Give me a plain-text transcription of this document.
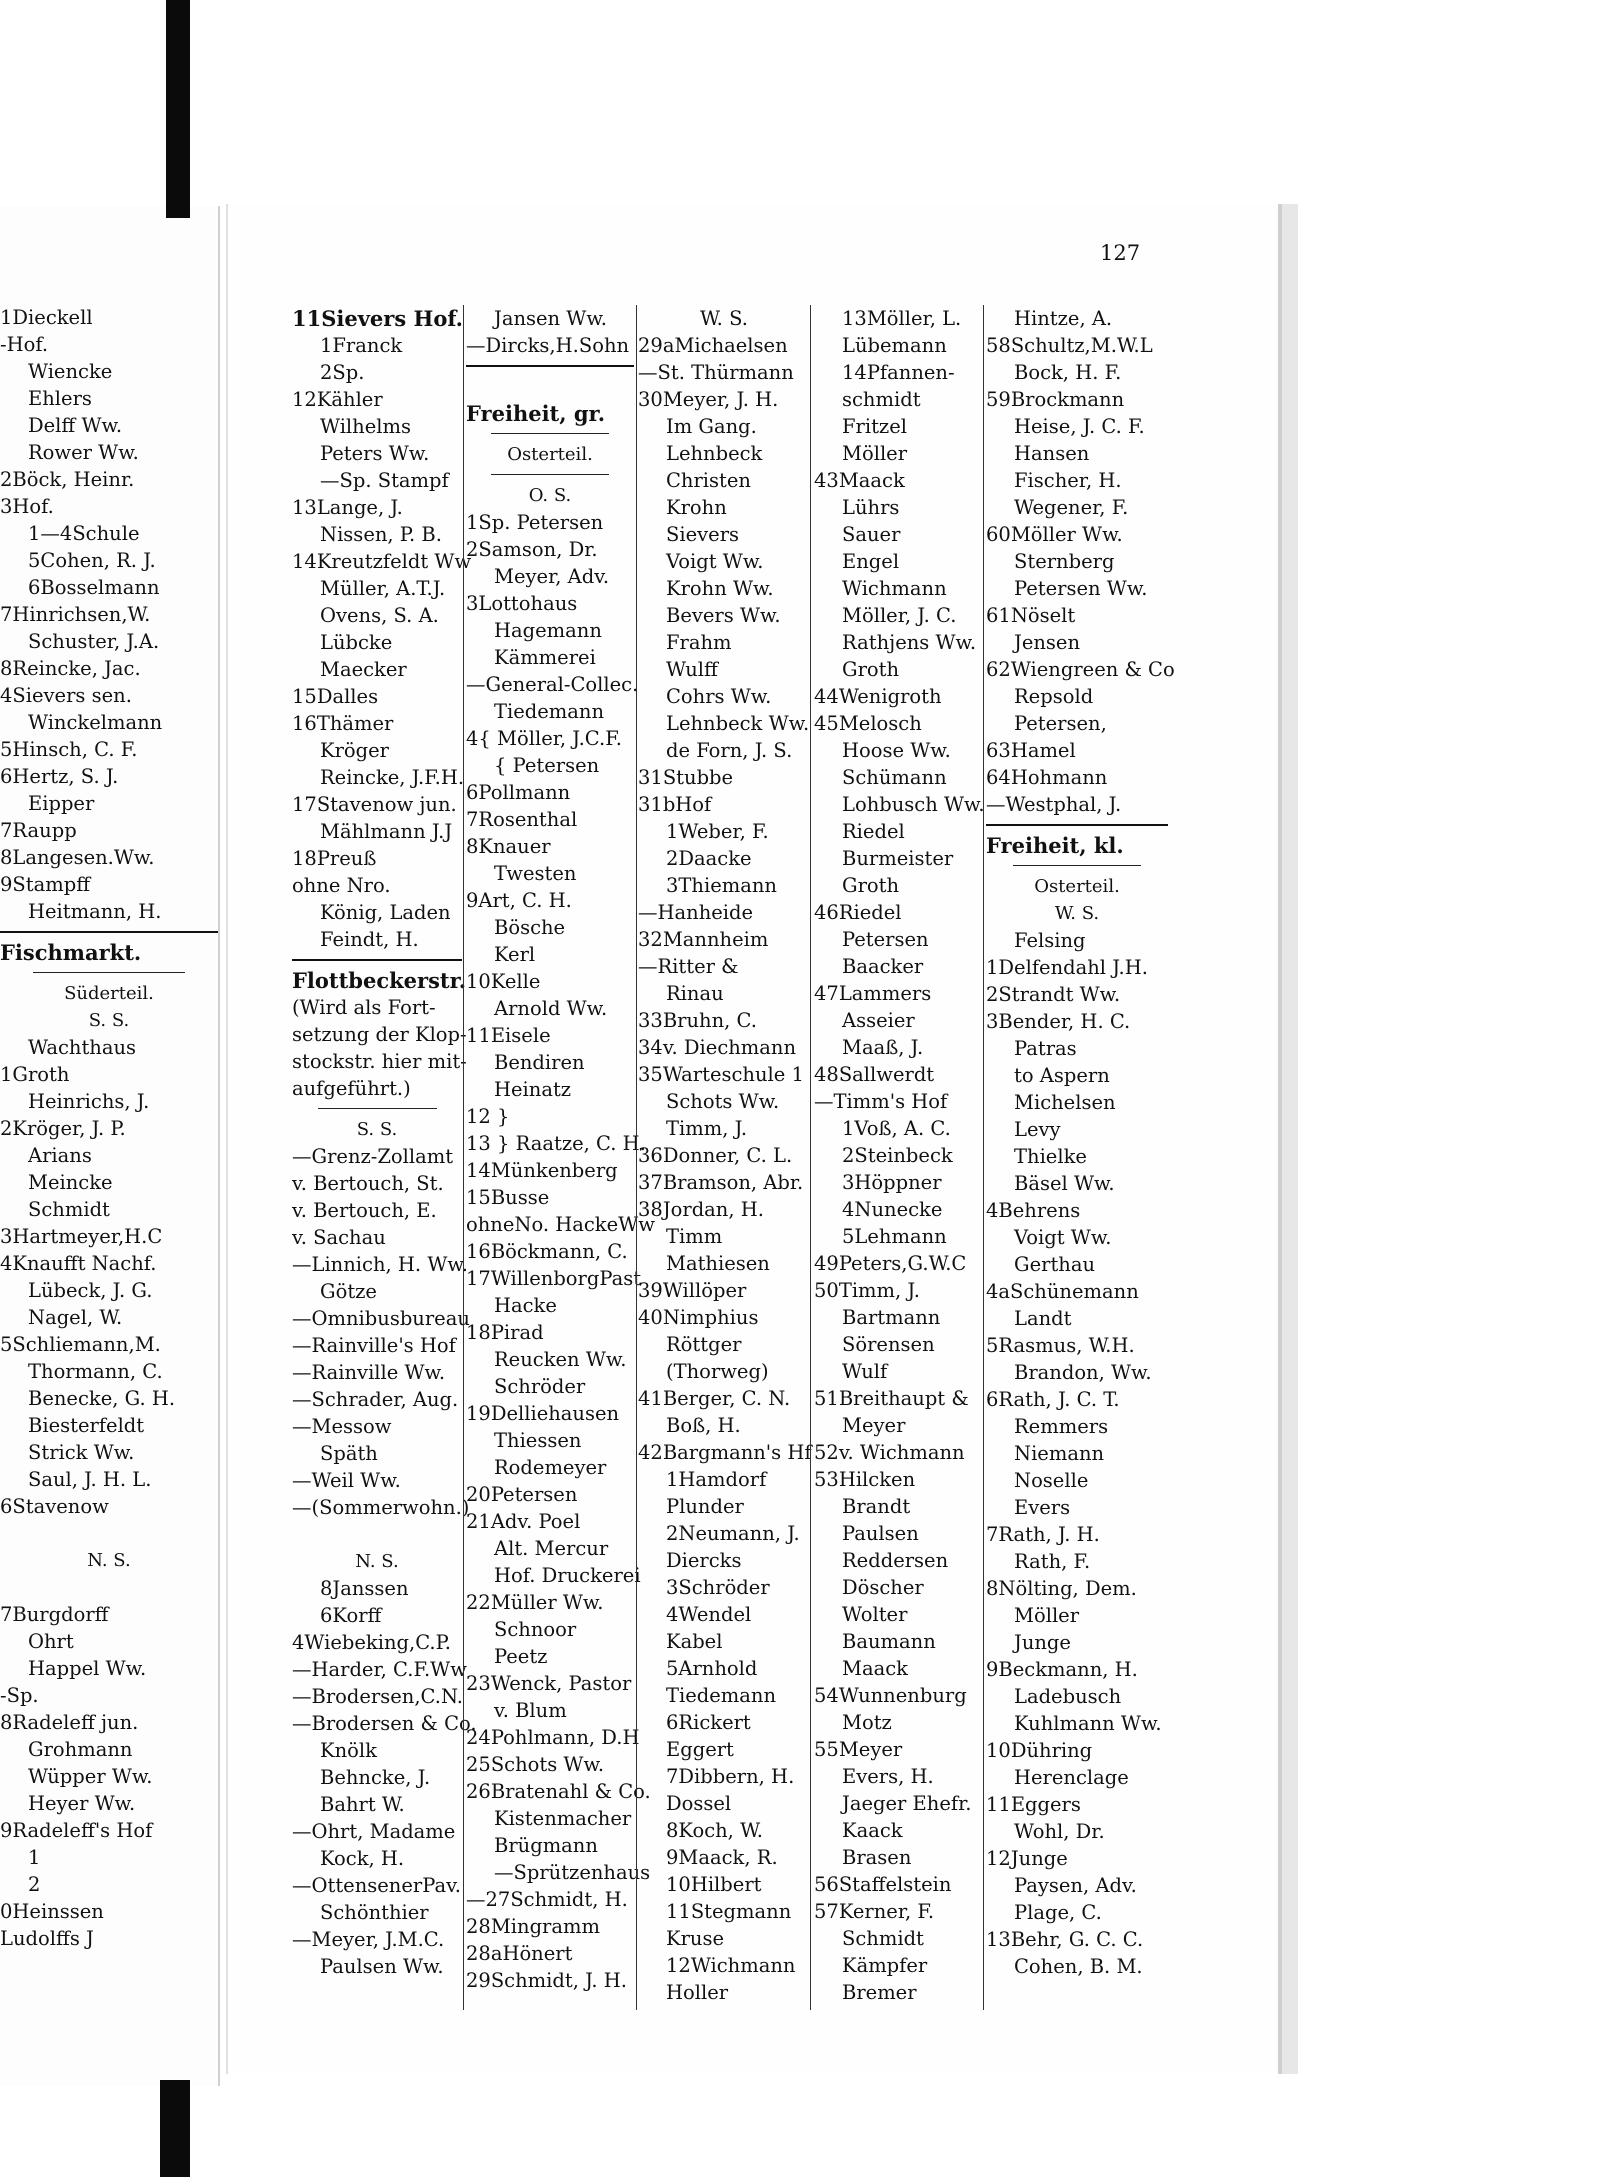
1Dieckell
-Hof.
Wiencke
Ehlers
Delff Ww.
Rower Ww.
2Böck, Heinr.
3Hof.
1—4Schule
5Cohen, R. J.
6Bosselmann
7Hinrichsen,W.
Schuster, J.A.
8Reincke, Jac.
4Sievers sen.
Winckelmann
5Hinsch, C. F.
6Hertz, S. J.
Eipper
7Raupp
8Langesen.Ww.
9Stampff
Heitmann, H.
Fischmarkt.
Süderteil.
S. S.
Wachthaus
1Groth
Heinrichs, J.
2Kröger, J. P.
Arians
Meincke
Schmidt
3Hartmeyer,H.C
4Knaufft Nachf.
Lübeck, J. G.
Nagel, W.
5Schliemann,M.
Thormann, C.
Benecke, G. H.
Biesterfeldt
Strick Ww.
Saul, J. H. L.
6Stavenow
N. S.
7Burgdorff
Ohrt
Happel Ww.
-Sp.
8Radeleff jun.
Grohmann
Wüpper Ww.
Heyer Ww.
9Radeleff's Hof
1
2
0Heinssen
Ludolffs J
127
11Sievers Hof.
1Franck
2Sp.
12Kähler
Wilhelms
Peters Ww.
—Sp. Stampf
13Lange, J.
Nissen, P. B.
14Kreutzfeldt Ww
Müller, A.T.J.
Ovens, S. A.
Lübcke
Maecker
15Dalles
16Thämer
Kröger
Reincke, J.F.H.
17Stavenow jun.
Mählmann J.J
18Preuß
ohne Nro.
König, Laden
Feindt, H.
Flottbeckerstr.
(Wird als Fort-
setzung der Klop-
stockstr. hier mit-
aufgeführt.)
S. S.
—Grenz-Zollamt
v. Bertouch, St.
v. Bertouch, E.
v. Sachau
—Linnich, H. Ww.
Götze
—Omnibusbureau
—Rainville's Hof
—Rainville Ww.
—Schrader, Aug.
—Messow
Späth
—Weil Ww.
—(Sommerwohn.)
N. S.
8Janssen
6Korff
4Wiebeking,C.P.
—Harder, C.F.Ww
—Brodersen,C.N.
—Brodersen & Co.
Knölk
Behncke, J.
Bahrt W.
—Ohrt, Madame
Kock, H.
—OttensenerPav.
Schönthier
—Meyer, J.M.C.
Paulsen Ww.
Jansen Ww.
—Dircks,H.Sohn
Freiheit, gr.
Osterteil.
O. S.
1Sp. Petersen
2Samson, Dr.
Meyer, Adv.
3Lottohaus
Hagemann
Kämmerei
—General-Collec.
Tiedemann
4{ Möller, J.C.F.
{ Petersen
6Pollmann
7Rosenthal
8Knauer
Twesten
9Art, C. H.
Bösche
Kerl
10Kelle
Arnold Ww.
11Eisele
Bendiren
Heinatz
12 }
13 } Raatze, C. H.
14Münkenberg
15Busse
ohneNo. HackeWw
16Böckmann, C.
17WillenborgPast
Hacke
18Pirad
Reucken Ww.
Schröder
19Delliehausen
Thiessen
Rodemeyer
20Petersen
21Adv. Poel
Alt. Mercur
Hof. Druckerei
22Müller Ww.
Schnoor
Peetz
23Wenck, Pastor
v. Blum
24Pohlmann, D.H
25Schots Ww.
26Bratenahl & Co.
Kistenmacher
Brügmann
—Sprützenhaus
—27Schmidt, H.
28Mingramm
28aHönert
29Schmidt, J. H.
W. S.
29aMichaelsen
—St. Thürmann
30Meyer, J. H.
Im Gang.
Lehnbeck
Christen
Krohn
Sievers
Voigt Ww.
Krohn Ww.
Bevers Ww.
Frahm
Wulff
Cohrs Ww.
Lehnbeck Ww.
de Forn, J. S.
31Stubbe
31bHof
1Weber, F.
2Daacke
3Thiemann
—Hanheide
32Mannheim
—Ritter &
Rinau
33Bruhn, C.
34v. Diechmann
35Warteschule 1
Schots Ww.
Timm, J.
36Donner, C. L.
37Bramson, Abr.
38Jordan, H.
Timm
Mathiesen
39Willöper
40Nimphius
Röttger
(Thorweg)
41Berger, C. N.
Boß, H.
42Bargmann's Hf
1Hamdorf
Plunder
2Neumann, J.
Diercks
3Schröder
4Wendel
Kabel
5Arnhold
Tiedemann
6Rickert
Eggert
7Dibbern, H.
Dossel
8Koch, W.
9Maack, R.
10Hilbert
11Stegmann
Kruse
12Wichmann
Holler
13Möller, L.
Lübemann
14Pfannen-
schmidt
Fritzel
Möller
43Maack
Lührs
Sauer
Engel
Wichmann
Möller, J. C.
Rathjens Ww.
Groth
44Wenigroth
45Melosch
Hoose Ww.
Schümann
Lohbusch Ww.
Riedel
Burmeister
Groth
46Riedel
Petersen
Baacker
47Lammers
Asseier
Maaß, J.
48Sallwerdt
—Timm's Hof
1Voß, A. C.
2Steinbeck
3Höppner
4Nunecke
5Lehmann
49Peters,G.W.C
50Timm, J.
Bartmann
Sörensen
Wulf
51Breithaupt &
Meyer
52v. Wichmann
53Hilcken
Brandt
Paulsen
Reddersen
Döscher
Wolter
Baumann
Maack
54Wunnenburg
Motz
55Meyer
Evers, H.
Jaeger Ehefr.
Kaack
Brasen
56Staffelstein
57Kerner, F.
Schmidt
Kämpfer
Bremer
Hintze, A.
58Schultz,M.W.L
Bock, H. F.
59Brockmann
Heise, J. C. F.
Hansen
Fischer, H.
Wegener, F.
60Möller Ww.
Sternberg
Petersen Ww.
61Nöselt
Jensen
62Wiengreen & Co
Repsold
Petersen,
63Hamel
64Hohmann
—Westphal, J.
Freiheit, kl.
Osterteil.
W. S.
Felsing
1Delfendahl J.H.
2Strandt Ww.
3Bender, H. C.
Patras
to Aspern
Michelsen
Levy
Thielke
Bäsel Ww.
4Behrens
Voigt Ww.
Gerthau
4aSchünemann
Landt
5Rasmus, W.H.
Brandon, Ww.
6Rath, J. C. T.
Remmers
Niemann
Noselle
Evers
7Rath, J. H.
Rath, F.
8Nölting, Dem.
Möller
Junge
9Beckmann, H.
Ladebusch
Kuhlmann Ww.
10Dühring
Herenclage
11Eggers
Wohl, Dr.
12Junge
Paysen, Adv.
Plage, C.
13Behr, G. C. C.
Cohen, B. M.
